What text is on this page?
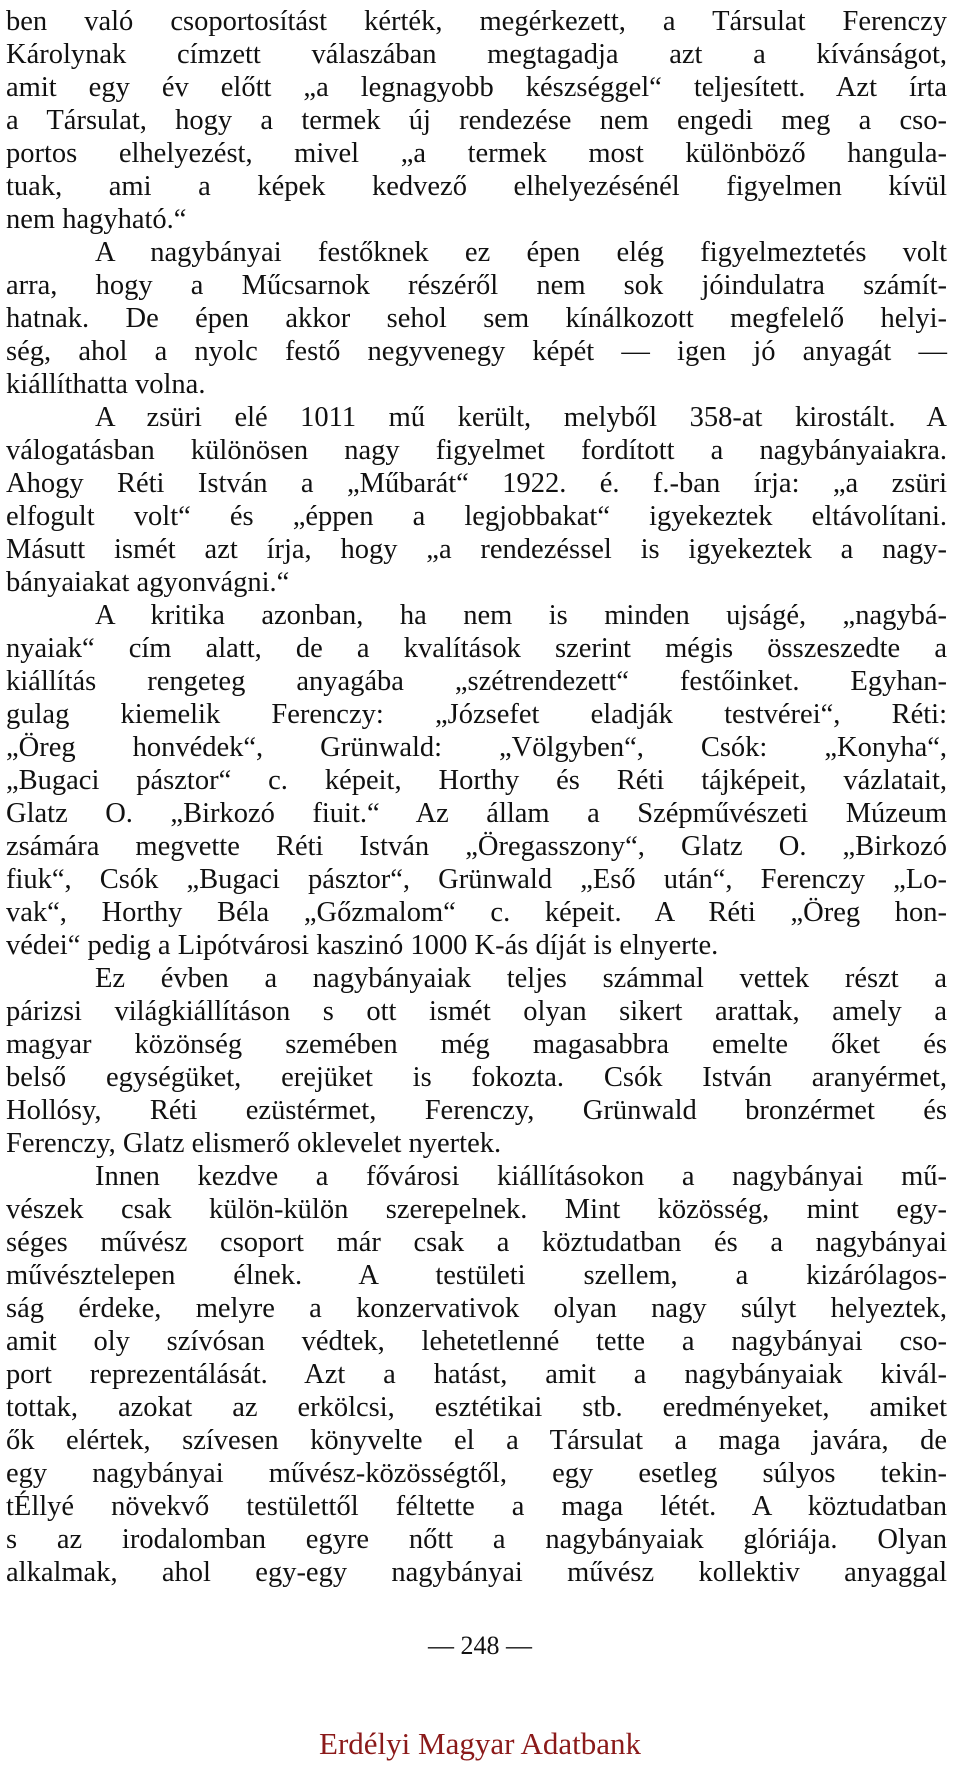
ben való csoportosítást kérték, megérkezett, a Társulat Ferenczy
Károlynak címzett válaszában megtagadja azt a kívánságot,
amit egy év előtt „a legnagyobb készséggel“ teljesített. Azt írta
a Társulat, hogy a termek új rendezése nem engedi meg a cso-
portos elhelyezést, mivel „a termek most különböző hangula-
tuak, ami a képek kedvező elhelyezésénél figyelmen kívül
nem hagyható.“
A nagybányai festőknek ez épen elég figyelmeztetés volt
arra, hogy a Műcsarnok részéről nem sok jóindulatra számít-
hatnak. De épen akkor sehol sem kínálkozott megfelelő helyi-
ség, ahol a nyolc festő negyvenegy képét — igen jó anyagát —
kiállíthatta volna.
A zsüri elé 1011 mű került, melyből 358-at kirostált. A
válogatásban különösen nagy figyelmet fordított a nagybányaiakra.
Ahogy Réti István a „Műbarát“ 1922. é. f.-ban írja: „a zsüri
elfogult volt“ és „éppen a legjobbakat“ igyekeztek eltávolítani.
Másutt ismét azt írja, hogy „a rendezéssel is igyekeztek a nagy-
bányaiakat agyonvágni.“
A kritika azonban, ha nem is minden ujságé, „nagybá-
nyaiak“ cím alatt, de a kvalítások szerint mégis összeszedte a
kiállítás rengeteg anyagába „szétrendezett“ festőinket. Egyhan-
gulag kiemelik Ferenczy: „Józsefet eladják testvérei“, Réti:
„Öreg honvédek“, Grünwald: „Völgyben“, Csók: „Konyha“,
„Bugaci pásztor“ c. képeit, Horthy és Réti tájképeit, vázlatait,
Glatz O. „Birkozó fiuit.“ Az állam a Szépművészeti Múzeum
zsámára megvette Réti István „Öregasszony“, Glatz O. „Birkozó
fiuk“, Csók „Bugaci pásztor“, Grünwald „Eső után“, Ferenczy „Lo-
vak“, Horthy Béla „Gőzmalom“ c. képeit. A Réti „Öreg hon-
védei“ pedig a Lipótvárosi kaszinó 1000 K-ás díját is elnyerte.
Ez évben a nagybányaiak teljes számmal vettek részt a
párizsi világkiállításon s ott ismét olyan sikert arattak, amely a
magyar közönség szemében még magasabbra emelte őket és
belső egységüket, erejüket is fokozta. Csók István aranyérmet,
Hollósy, Réti ezüstérmet, Ferenczy, Grünwald bronzérmet és
Ferenczy, Glatz elismerő oklevelet nyertek.
Innen kezdve a fővárosi kiállításokon a nagybányai mű-
vészek csak külön-külön szerepelnek. Mint közösség, mint egy-
séges művész csoport már csak a köztudatban és a nagybányai
művésztelepen élnek. A testületi szellem, a kizárólagos-
ság érdeke, melyre a konzervativok olyan nagy súlyt helyeztek,
amit oly szívósan védtek, lehetetlenné tette a nagybányai cso-
port reprezentálását. Azt a hatást, amit a nagybányaiak kivál-
tottak, azokat az erkölcsi, esztétikai stb. eredményeket, amiket
ők elértek, szívesen könyvelte el a Társulat a maga javára, de
egy nagybányai művész-közösségtől, egy esetleg súlyos tekin-
tÉllyé növekvő testülettől féltette a maga létét. A köztudatban
s az irodalomban egyre nőtt a nagybányaiak glóriája. Olyan
alkalmak, ahol egy-egy nagybányai művész kollektiv anyaggal
— 248 —
Erdélyi Magyar Adatbank
